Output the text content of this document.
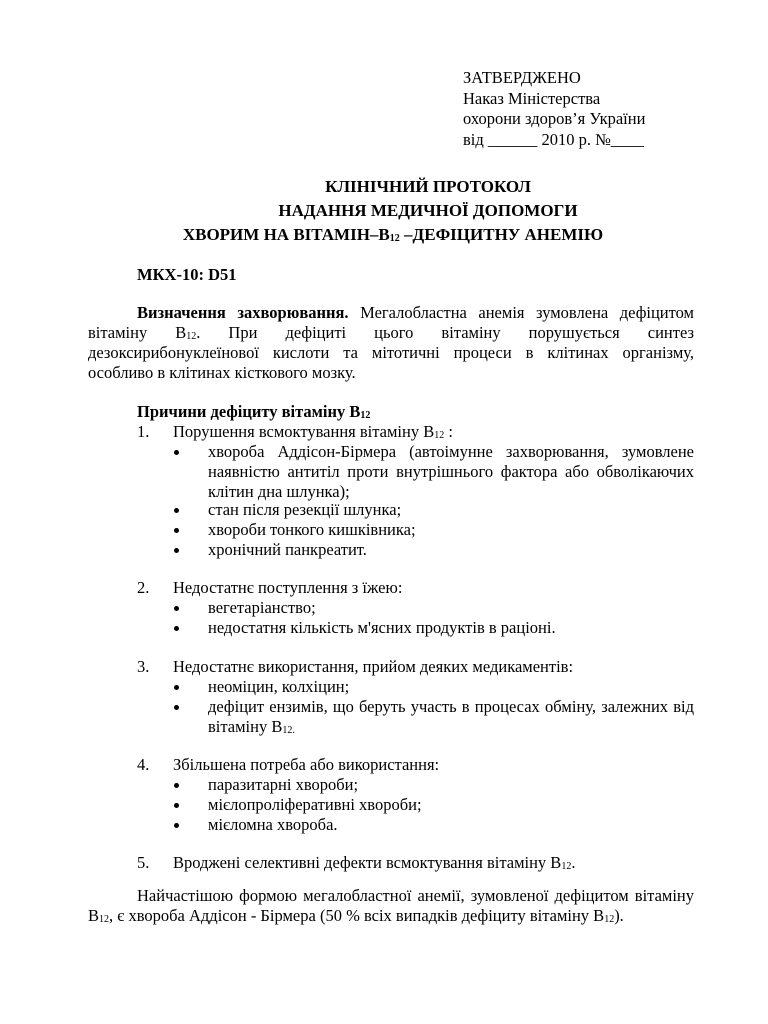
ЗАТВЕРДЖЕНО
Наказ Міністерства
охорони здоров’я України
від ______ 2010 р. №____
КЛІНІЧНИЙ ПРОТОКОЛ
НАДАННЯ МЕДИЧНОЇ ДОПОМОГИ
ХВОРИМ НА ВІТАМІН–$В_{12}$ –ДЕФІЦИТНУ АНЕМІЮ
МКХ-10: D51
Визначення захворювання. Мегалобластна анемія зумовлена дефіцитом вітаміну $В_{12}$. При дефіциті цього вітаміну порушується синтез дезоксирибонуклеїнової кислоти та мітотичні процеси в клітинах організму, особливо в клітинах кісткового мозку.
Причини дефіциту вітаміну $В_{12}$
1. Порушення всмоктування вітаміну $В_{12}$ :
хвороба Аддісон-Бірмера (автоімунне захворювання, зумовлене наявністю антитіл проти внутрішнього фактора або обволікаючих клітин дна шлунка);
стан після резекції шлунка;
хвороби тонкого кишківника;
хронічний панкреатит.
2. Недостатнє поступлення з їжею:
вегетаріанство;
недостатня кількість м'ясних продуктів в раціоні.
3. Недостатнє використання, прийом деяких медикаментів:
неоміцин, колхіцин;
дефіцит ензимів, що беруть участь в процесах обміну, залежних від вітаміну $В_{12.}$
4. Збільшена потреба або використання:
паразитарні хвороби;
мієлопроліферативні хвороби;
мієломна хвороба.
5. Вроджені селективні дефекти всмоктування вітаміну $В_{12}$.
Найчастішою формою мегалобластної анемії, зумовленої дефіцитом вітаміну $В_{12}$, є хвороба Аддісон - Бірмера (50 % всіх випадків дефіциту вітаміну $В_{12}$).
